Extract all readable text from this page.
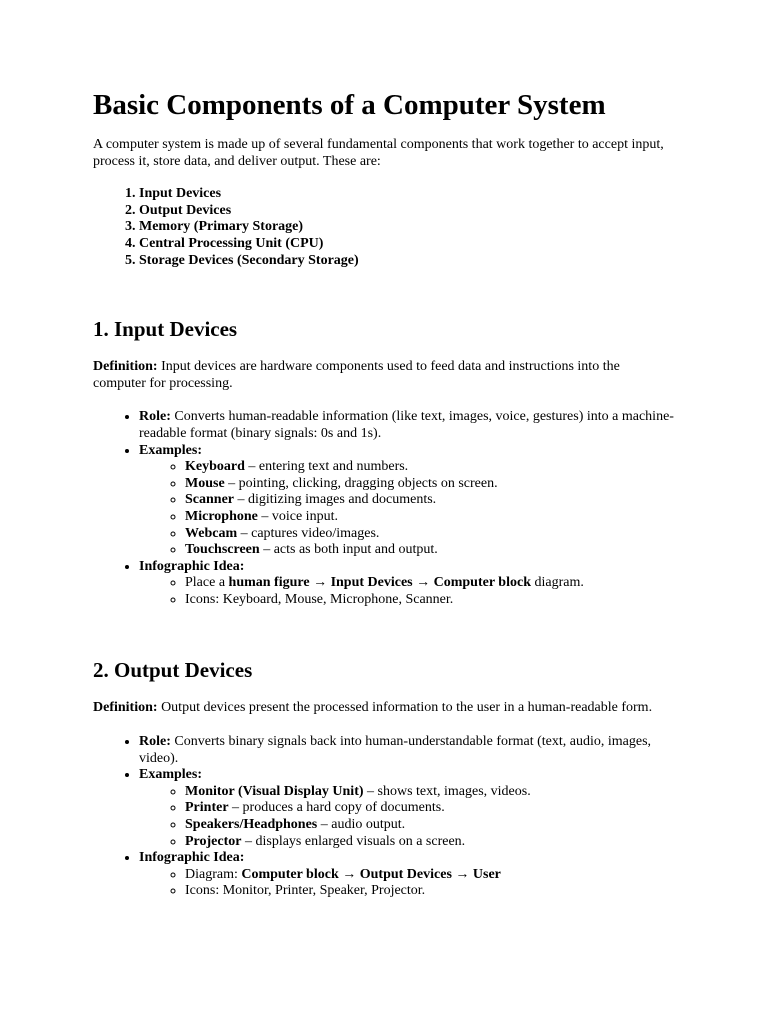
Basic Components of a Computer System

A computer system is made up of several fundamental components that work together to accept input, process it, store data, and deliver output. These are:

1. Input Devices
2. Output Devices
3. Memory (Primary Storage)
4. Central Processing Unit (CPU)
5. Storage Devices (Secondary Storage)
1. Input Devices

Definition: Input devices are hardware components used to feed data and instructions into the computer for processing.

• Role: Converts human-readable information (like text, images, voice, gestures) into a machine-readable format (binary signals: 0s and 1s).
• Examples:
◦ Keyboard – entering text and numbers.
◦ Mouse – pointing, clicking, dragging objects on screen.
◦ Scanner – digitizing images and documents.
◦ Microphone – voice input.
◦ Webcam – captures video/images.
◦ Touchscreen – acts as both input and output.
• Infographic Idea:
◦ Place a human figure → Input Devices → Computer block diagram.
◦ Icons: Keyboard, Mouse, Microphone, Scanner.
2. Output Devices

Definition: Output devices present the processed information to the user in a human-readable form.

• Role: Converts binary signals back into human-understandable format (text, audio, images, video).
• Examples:
◦ Monitor (Visual Display Unit) – shows text, images, videos.
◦ Printer – produces a hard copy of documents.
◦ Speakers/Headphones – audio output.
◦ Projector – displays enlarged visuals on a screen.
• Infographic Idea:
◦ Diagram: Computer block → Output Devices → User
◦ Icons: Monitor, Printer, Speaker, Projector.
